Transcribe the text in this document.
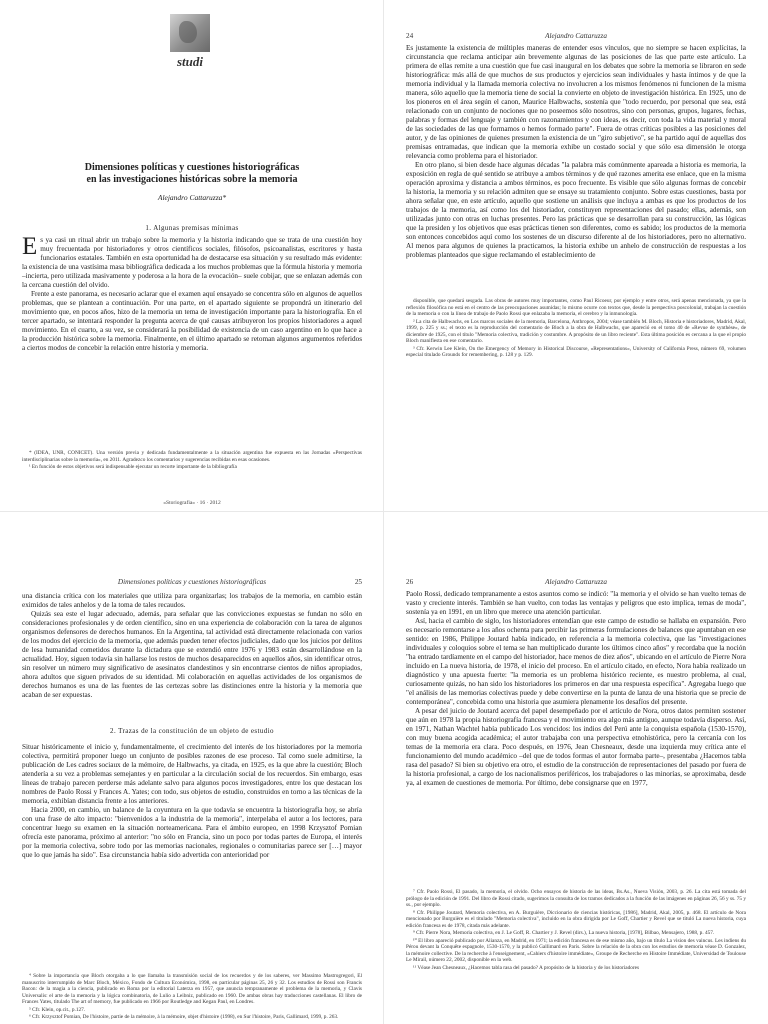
studi
Dimensiones políticas y cuestiones historiográficas
en las investigaciones históricas sobre la memoria
Alejandro Cattaruzza*
1. Algunas premisas mínimas

Es ya casi un ritual abrir un trabajo sobre la memoria y la historia indicando que se trata de una cuestión hoy muy frecuentada por historiadores y otros científicos sociales, filósofos, psicoanalistas, escritores y hasta funcionarios estatales. También en esta oportunidad ha de destacarse esa situación y su resultado más evidente: la existencia de una vastísima masa bibliográfica dedicada a los muchos problemas que la fórmula historia y memoria –incierta, pero utilizada masivamente y poderosa a la hora de la evocación– suele cobijar, que se enlazan además con la cercana cuestión del olvido.

Frente a este panorama, es necesario aclarar que el examen aquí ensayado se concentra sólo en algunos de aquellos problemas, que se plantean a continuación. Por una parte, en el apartado siguiente se propondrá un itinerario del movimiento que, en pocos años, hizo de la memoria un tema de investigación importante para la historiografía. En el tercer apartado, se intentará responder la pregunta acerca de qué causas atribuyeron los propios historiadores a aquel movimiento. En el cuarto, a su vez, se considerará la posibilidad de existencia de un caso argentino en lo que hace a la producción histórica sobre la memoria. Finalmente, en el último apartado se retoman algunos argumentos referidos a ciertos modos de concebir la relación entre historia y memoria.

* (IDEA, UNR, CONICET). Una versión previa y dedicada fundamentalmente a la situación argentina fue expuesta en las Jornadas «Perspectivas interdisciplinarias sobre la memoria», en 2011. Agradezco los comentarios y sugerencias recibidas en esas ocasiones.

¹ En función de estos objetivos será indispensable ejecutar un recorte importante de la bibliografía

«Storiografia» · 16 · 2012
24	Alejandro Cattaruzza

Es justamente la existencia de múltiples maneras de entender esos vínculos, que no siempre se hacen explícitas, la circunstancia que reclama anticipar aún brevemente algunas de las posiciones de las que parte este artículo. La primera de ellas remite a una cuestión que fue casi inaugural en los debates que sobre la memoria se libraron en sede historiográfica: más allá de que muchos de sus productos y ejercicios sean individuales y hasta íntimos y de que la memoria individual y la llamada memoria colectiva no involucren a los mismos fenómenos ni funcionen de la misma manera, sólo aquello que la memoria tiene de social la convierte en objeto de investigación histórica. En 1925, uno de los pioneros en el área según el canon, Maurice Halbwachs, sostenía que "todo recuerdo, por personal que sea, está relacionado con un conjunto de nociones que no poseemos sólo nosotros, sino con personas, grupos, lugares, fechas, palabras y formas del lenguaje y también con razonamientos y con ideas, es decir, con toda la vida material y moral de las sociedades de las que formamos o hemos formado parte". Fuera de otras críticas posibles a las posiciones del autor, y de las opiniones de quienes presumen la existencia de un "giro subjetivo", se ha partido aquí de aquellas dos premisas entramadas, que indican que la memoria exhibe un costado social y que sólo esa dimensión le otorga relevancia como problema para el historiador.

En otro plano, si bien desde hace algunas décadas "la palabra más comúnmente apareada a historia es memoria, la exposición en regla de qué sentido se atribuye a ambos términos y de qué razones amerita ese enlace, que en la misma operación aproxima y distancia a ambos términos, es poco frecuente. Es visible que sólo algunas formas de concebir la historia, la memoria y su relación admiten que se ensaye su tratamiento conjunto. Sobre estas cuestiones, basta por ahora señalar que, en este artículo, aquello que sostiene un análisis que incluya a ambas es que los productos de los trabajos de la memoria, así como los del historiador, constituyen representaciones del pasado; ellas, además, son utilizadas junto con otras en luchas presentes. Pero las prácticas que se desarrollan para su construcción, las lógicas que la presiden y los objetivos que esas prácticas tienen son diferentes, como es sabido; los productos de la memoria son entonces concebidos aquí como los sostenes de un discurso diferente al de los historiadores, pero no alternativo. Al menos para algunos de quienes la practicamos, la historia exhibe un anhelo de construcción de respuestas a los problemas planteados que sigue reclamando el establecimiento de

disponible, que quedará sesgada. Las obras de autores muy importantes, como Paul Ricoeur, por ejemplo y entre otros, será apenas mencionada, ya que la reflexión filosófica no está en el centro de las preocupaciones asumidas; lo mismo ocurre con textos que, desde la perspectiva poscolonial, trabajan la cuestión de la memoria o con la línea de trabajo de Paolo Rossi que enlazaba la memoria, el cerebro y la inmunología.

² La cita de Halbwachs, en Los marcos sociales de la memoria, Barcelona, Anthropos, 2004; véase también M. Bloch, Historia e historiadores, Madrid, Akal, 1999, p. 225 y ss.; el texto es la reproducción del comentario de Bloch a la obra de Halbwachs, que apareció en el tomo 40 de «Revue de synthèse», de diciembre de 1925, con el título "Memoria colectiva, tradición y costumbre. A propósito de un libro reciente". Esta última posición es cercana a la que el propio Bloch manifiesta en ese comentario.

³ Cfr. Kerwin Lee Klein, On the Emergency of Memory in Historical Discourse, «Representations», University of California Press, número 69, volumen especial titulado Grounds for remembering, p. 128 y p. 129.

Dimensiones políticas y cuestiones historiográficas	25

una distancia crítica con los materiales que utiliza para organizarlas; los trabajos de la memoria, en cambio están eximidos de tales anhelos y de la toma de tales recaudos.

Quizás sea este el lugar adecuado, además, para señalar que las convicciones expuestas se fundan no sólo en consideraciones profesionales y de orden científico, sino en una experiencia de colaboración con la tarea de algunos organismos defensores de derechos humanos. En la Argentina, tal actividad está directamente relacionada con varios de los modos del ejercicio de la memoria, que además pueden tener efectos judiciales, dado que los juicios por delitos de lesa humanidad cometidos durante la dictadura que se extendió entre 1976 y 1983 están desarrollándose en la actualidad. Hoy, siguen todavía sin hallarse los restos de muchos desaparecidos en aquellos años, sin identificar otros, sin resolver un número muy significativo de asesinatos clandestinos y sin encontrarse cientos de niños apropiados, ahora adultos que siguen privados de su identidad. Mi colaboración en aquellas actividades de los organismos de derechos humanos es una de las fuentes de las certezas sobre las distinciones entre la historia y la memoria que acaban de ser expuestas.

2. Trazas de la constitución de un objeto de estudio

Situar históricamente el inicio y, fundamentalmente, el crecimiento del interés de los historiadores por la memoria colectiva, permitirá proponer luego un conjunto de posibles razones de ese proceso. Tal como suele admitirse, la publicación de Les cadres sociaux de la mémoire, de Halbwachs, ya citada, en 1925, es la que abre la cuestión; Bloch atendería a su vez a problemas semejantes y en particular a la circulación social de los recuerdos. Sin embargo, esas líneas de trabajo parecen perderse más adelante salvo para algunos pocos investigadores, entre los que destacan los nombres de Paolo Rossi y Frances A. Yates; con todo, sus objetos de estudio, construidos en torno a las técnicas de la memoria, exhibían distancia frente a los anteriores.

Hacia 2000, en cambio, un balance de la coyuntura en la que todavía se encuentra la historiografía hoy, se abría con una frase de alto impacto: "bienvenidos a la industria de la memoria", interpelaba el autor a los lectores, para concentrar luego su examen en la situación norteamericana. Para el ámbito europeo, en 1998 Krzysztof Pomian ofrecía este panorama, próximo al anterior: "no sólo en Francia, sino un poco por todas partes de Europa, el interés por la memoria colectiva, sobre todo por las memorias nacionales, regionales o comunitarias parece ser […] mayor que lo que jamás ha sido". Esa circunstancia había sido advertida con anterioridad por

⁴ Sobre la importancia que Bloch otorgaba a lo que llamaba la transmisión social de los recuerdos y de los saberes, ver Massimo Mastrogregori, El manuscrito interrumpido de Marc Bloch, México, Fondo de Cultura Económica, 1998, en particular páginas 25, 26 y 32. Los estudios de Rossi son Francis Bacon: de la magia a la ciencia, publicado en Roma por la editorial Laterza en 1957, que anuncia tempranamente el problema de la memoria, y Clavis Universalis: el arte de la memoria y la lógica combinatoria, de Lulio a Leibniz, publicado en 1960. De ambas obras hay traducciones castellanas. El libro de Frances Yates, titulado The art of memory, fue publicado en 1966 por Routledge and Kegan Paul, en Londres.

⁵ Cfr. Klein, op.cit., p.127.

⁶ Cfr. Krzysztof Pomian, De l'histoire, partie de la mémoire, à la mémoire, objet d'histoire (1998), en Sur l'histoire, Paris, Gallimard, 1999, p. 263.

26	Alejandro Cattaruzza

Paolo Rossi, dedicado tempranamente a estos asuntos como se indicó: "la memoria y el olvido se han vuelto temas de vasto y creciente interés. También se han vuelto, con todas las ventajas y peligros que esto implica, temas de moda", sostenía ya en 1991, en un libro que merece una atención particular.

Así, hacia el cambio de siglo, los historiadores entendían que este campo de estudio se hallaba en expansión. Pero es necesario remontarse a los años ochenta para percibir las primeras formulaciones de balances que apuntaban en ese sentido: en 1986, Philippe Joutard había indicado, en referencia a la memoria colectiva, que las "investigaciones individuales y coloquios sobre el tema se han multiplicado durante los últimos cinco años" y recordaba que la noción "ha entrado tardíamente en el campo del historiador, hace menos de diez años", ubicando en el artículo de Pierre Nora incluido en La nueva historia, de 1978, el inicio del proceso. En el artículo citado, en efecto, Nora había realizado un diagnóstico y una apuesta fuerte: "la memoria es un problema histórico reciente, es nuestro problema, al cual, curiosamente quizás, no han sido los historiadores los primeros en dar una respuesta específica". Agregaba luego que "el análisis de las memorias colectivas puede y debe convertirse en la punta de lanza de una historia que se precie de contemporánea", concebida como una historia que asumiera plenamente los desafíos del presente.

A pesar del juicio de Joutard acerca del papel desempeñado por el artículo de Nora, otros datos permiten sostener que aún en 1978 la propia historiografía francesa y el movimiento era algo más antiguo, aunque todavía disperso. Así, en 1971, Nathan Wachtel había publicado Los vencidos: los indios del Perú ante la conquista española (1530-1570), con muy buena acogida académica; el autor trabajaba con una perspectiva etnohistórica, pero la cercanía con los temas de la memoria era clara. Poco después, en 1976, Jean Chesneaux, desde una izquierda muy crítica ante el funcionamiento del mundo académico –del que de todos formas el autor formaba parte–, presentaba ¿Hacemos tabla rasa del pasado? Si bien su objetivo era otro, el estudio de la construcción de representaciones del pasado por fuera de la historia profesional, a cargo de los nacionalismos periféricos, los trabajadores o las minorías, se aproximaba, desde ya, al examen de cuestiones de memoria. Por último, debe consignarse que en 1977,

⁷ Cfr. Paolo Rossi, El pasado, la memoria, el olvido. Ocho ensayos de historia de las ideas, Bs.As., Nueva Visión, 2003, p. 26. La cita está tomada del prólogo de la edición de 1991. Del libro de Rossi citado, sugerimos la consulta de los tramos dedicados a la función de las imágenes en páginas 26, 56 y ss. 75 y ss., por ejemplo.

⁸ Cfr. Philippe Joutard, Memoria colectiva, en A. Burguière, Diccionario de ciencias históricas, [1986], Madrid, Akal, 2005, p. 468. El artículo de Nora mencionado por Burguière es el titulado "Memoria colectiva", incluido en la obra dirigida por Le Goff, Chartier y Revel que se tituló La nueva historia, cuya edición francesa es de 1978, citada más adelante.

⁹ Cfr. Pierre Nora, Memoria colectiva, en J. Le Goff, R. Chartier y J. Revel (dirs.), La nueva historia, [1978], Bilbao, Mensajero, 1988, p. 457.

¹⁰ El libro apareció publicado por Alianza, en Madrid, en 1971; la edición francesa es de ese mismo año, bajo un título La vision des vaincus. Les indiens du Pérou devant la Conquête espagnole, 1530-1570, y la publicó Gallimard en París. Sobre la relación de la obra con los estudios de memoria véase D. Gonzalez, la mémoire collective. De la recherche à l'enseignement, «Cahiers d'histoire immédiate», Groupe de Recherche en Histoire Immédiate, Universidad de Toulouse Le Mirail, número 22, 2002, disponible en la web.

¹¹ Véase Jean Chesneaux, ¿Hacemos tabla rasa del pasado? A propósito de la historia y de los historiadores
